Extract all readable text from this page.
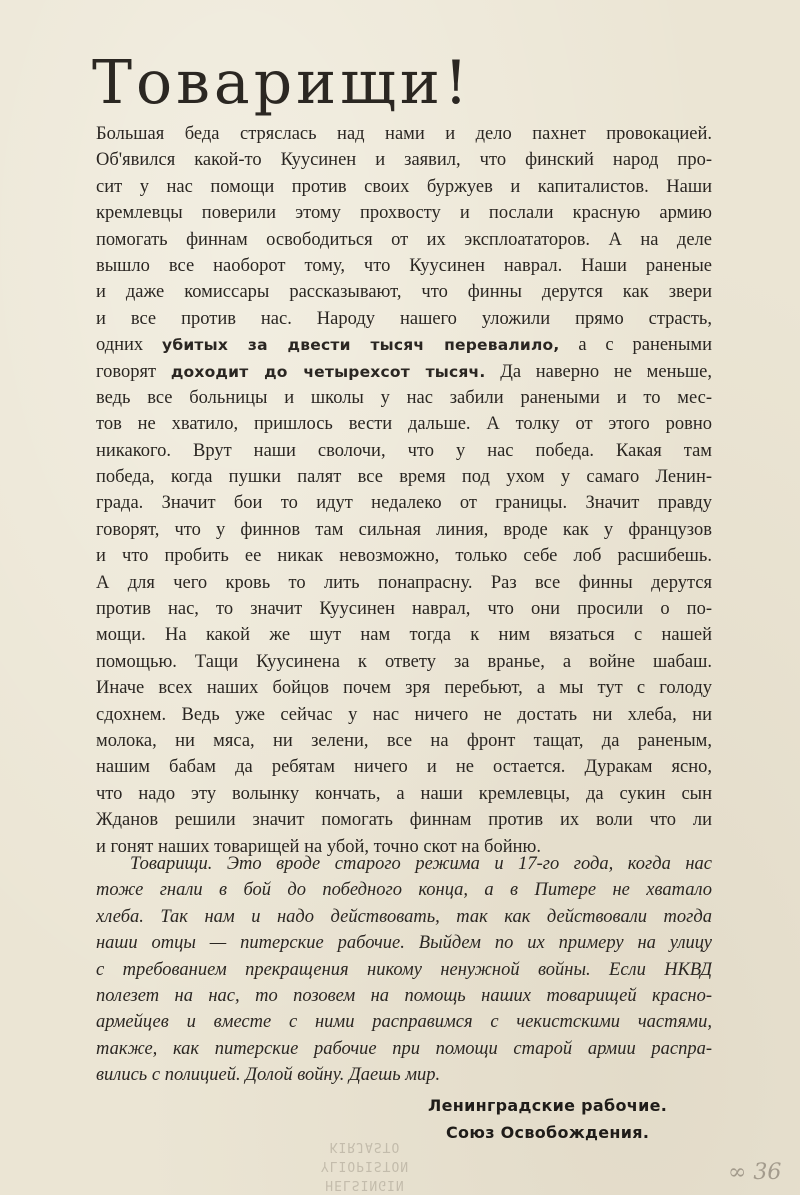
Товарищи!
Большая беда стряслась над нами и дело пахнет провокацией.
Об'явился какой-то Куусинен и заявил, что финский народ про-
сит у нас помощи против своих буржуев и капиталистов. Наши
кремлевцы поверили этому прохвосту и послали красную армию
помогать финнам освободиться от их эксплоататоров. А на деле
вышло все наоборот тому, что Куусинен наврал. Наши раненые
и даже комиссары рассказывают, что финны дерутся как звери
и все против нас. Народу нашего уложили прямо страсть,
одних убитых за двести тысяч перевалило, а с ранеными
говорят доходит до четырехсот тысяч. Да наверно не меньше,
ведь все больницы и школы у нас забили ранеными и то мес-
тов не хватило, пришлось вести дальше. А толку от этого ровно
никакого. Врут наши сволочи, что у нас победа. Какая там
победа, когда пушки палят все время под ухом у самаго Ленин-
града. Значит бои то идут недалеко от границы. Значит правду
говорят, что у финнов там сильная линия, вроде как у французов
и что пробить ее никак невозможно, только себе лоб расшибешь.
А для чего кровь то лить понапрасну. Раз все финны дерутся
против нас, то значит Куусинен наврал, что они просили о по-
мощи. На какой же шут нам тогда к ним вязаться с нашей
помощью. Тащи Куусинена к ответу за вранье, а войне шабаш.
Иначе всех наших бойцов почем зря перебьют, а мы тут с голоду
сдохнем. Ведь уже сейчас у нас ничего не достать ни хлеба, ни
молока, ни мяса, ни зелени, все на фронт тащат, да раненым,
нашим бабам да ребятам ничего и не остается. Дуракам ясно,
что надо эту волынку кончать, а наши кремлевцы, да сукин сын
Жданов решили значит помогать финнам против их воли что ли
и гонят наших товарищей на убой, точно скот на бойню.
Товарищи. Это вроде старого режима и 17-го года, когда нас
тоже гнали в бой до победного конца, а в Питере не хватало
хлеба. Так нам и надо действовать, так как действовали тогда
наши отцы — питерские рабочие. Выйдем по их примеру на улицу
с требованием прекращения никому ненужной войны. Если НКВД
полезет на нас, то позовем на помощь наших товарищей красно-
армейцев и вместе с ними расправимся с чекистскими частями,
также, как питерские рабочие при помощи старой армии распра-
вились с полицией. Долой войну. Даешь мир.
Ленинградские рабочие.
Союз Освобождения.
HELSINGIN
YLIOPISTON
KIRJASTO
∞ 36
